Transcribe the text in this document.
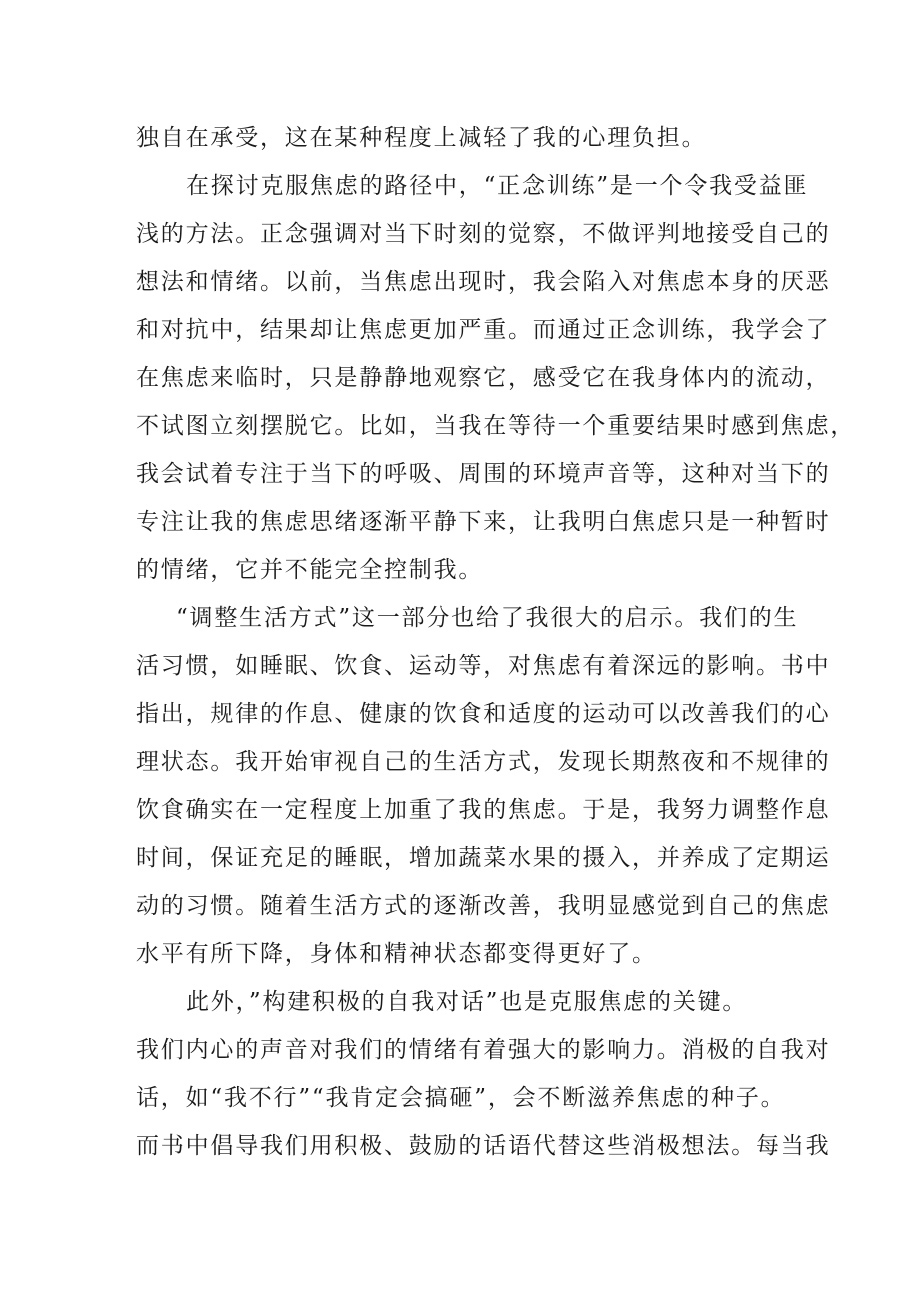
独自在承受，这在某种程度上减轻了我的心理负担。
在探讨克服焦虑的路径中，“正念训练”是一个令我受益匪
浅的方法。正念强调对当下时刻的觉察，不做评判地接受自己的
想法和情绪。以前，当焦虑出现时，我会陷入对焦虑本身的厌恶
和对抗中，结果却让焦虑更加严重。而通过正念训练，我学会了
在焦虑来临时，只是静静地观察它，感受它在我身体内的流动，
不试图立刻摆脱它。比如，当我在等待一个重要结果时感到焦虑，
我会试着专注于当下的呼吸、周围的环境声音等，这种对当下的
专注让我的焦虑思绪逐渐平静下来，让我明白焦虑只是一种暂时
的情绪，它并不能完全控制我。
“调整生活方式”这一部分也给了我很大的启示。我们的生
活习惯，如睡眠、饮食、运动等，对焦虑有着深远的影响。书中
指出，规律的作息、健康的饮食和适度的运动可以改善我们的心
理状态。我开始审视自己的生活方式，发现长期熬夜和不规律的
饮食确实在一定程度上加重了我的焦虑。于是，我努力调整作息
时间，保证充足的睡眠，增加蔬菜水果的摄入，并养成了定期运
动的习惯。随着生活方式的逐渐改善，我明显感觉到自己的焦虑
水平有所下降，身体和精神状态都变得更好了。
此外，”构建积极的自我对话”也是克服焦虑的关键。
我们内心的声音对我们的情绪有着强大的影响力。消极的自我对
话，如“我不行”“我肯定会搞砸”，会不断滋养焦虑的种子。
而书中倡导我们用积极、鼓励的话语代替这些消极想法。每当我
